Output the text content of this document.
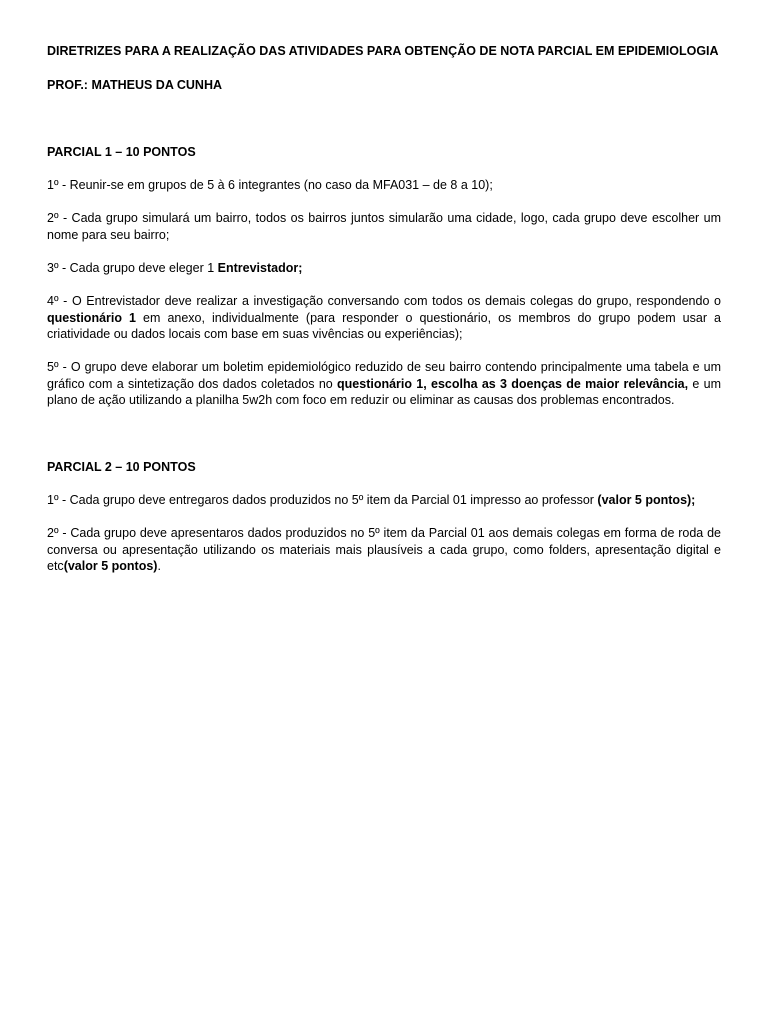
DIRETRIZES PARA A REALIZAÇÃO DAS ATIVIDADES PARA OBTENÇÃO DE NOTA PARCIAL EM EPIDEMIOLOGIA
PROF.: MATHEUS DA CUNHA
PARCIAL 1 – 10 PONTOS
1º - Reunir-se em grupos de 5 à 6 integrantes (no caso da MFA031 – de 8 a 10);
2º - Cada grupo simulará um bairro, todos os bairros juntos simularão uma cidade, logo, cada grupo deve escolher um nome para seu bairro;
3º - Cada grupo deve eleger 1 Entrevistador;
4º - O Entrevistador deve realizar a investigação conversando com todos os demais colegas do grupo, respondendo o questionário 1 em anexo, individualmente (para responder o questionário, os membros do grupo podem usar a criatividade ou dados locais com base em suas vivências ou experiências);
5º - O grupo deve elaborar um boletim epidemiológico reduzido de seu bairro contendo principalmente uma tabela e um gráfico com a sintetização dos dados coletados no questionário 1, escolha as 3 doenças de maior relevância, e um plano de ação utilizando a planilha 5w2h com foco em reduzir ou eliminar as causas dos problemas encontrados.
PARCIAL 2 – 10 PONTOS
1º - Cada grupo deve entregaros dados produzidos no 5º item da Parcial 01 impresso ao professor (valor 5 pontos);
2º - Cada grupo deve apresentaros dados produzidos no 5º item da Parcial 01 aos demais colegas em forma de roda de conversa ou apresentação utilizando os materiais mais plausíveis a cada grupo, como folders, apresentação digital e etc(valor 5 pontos).
